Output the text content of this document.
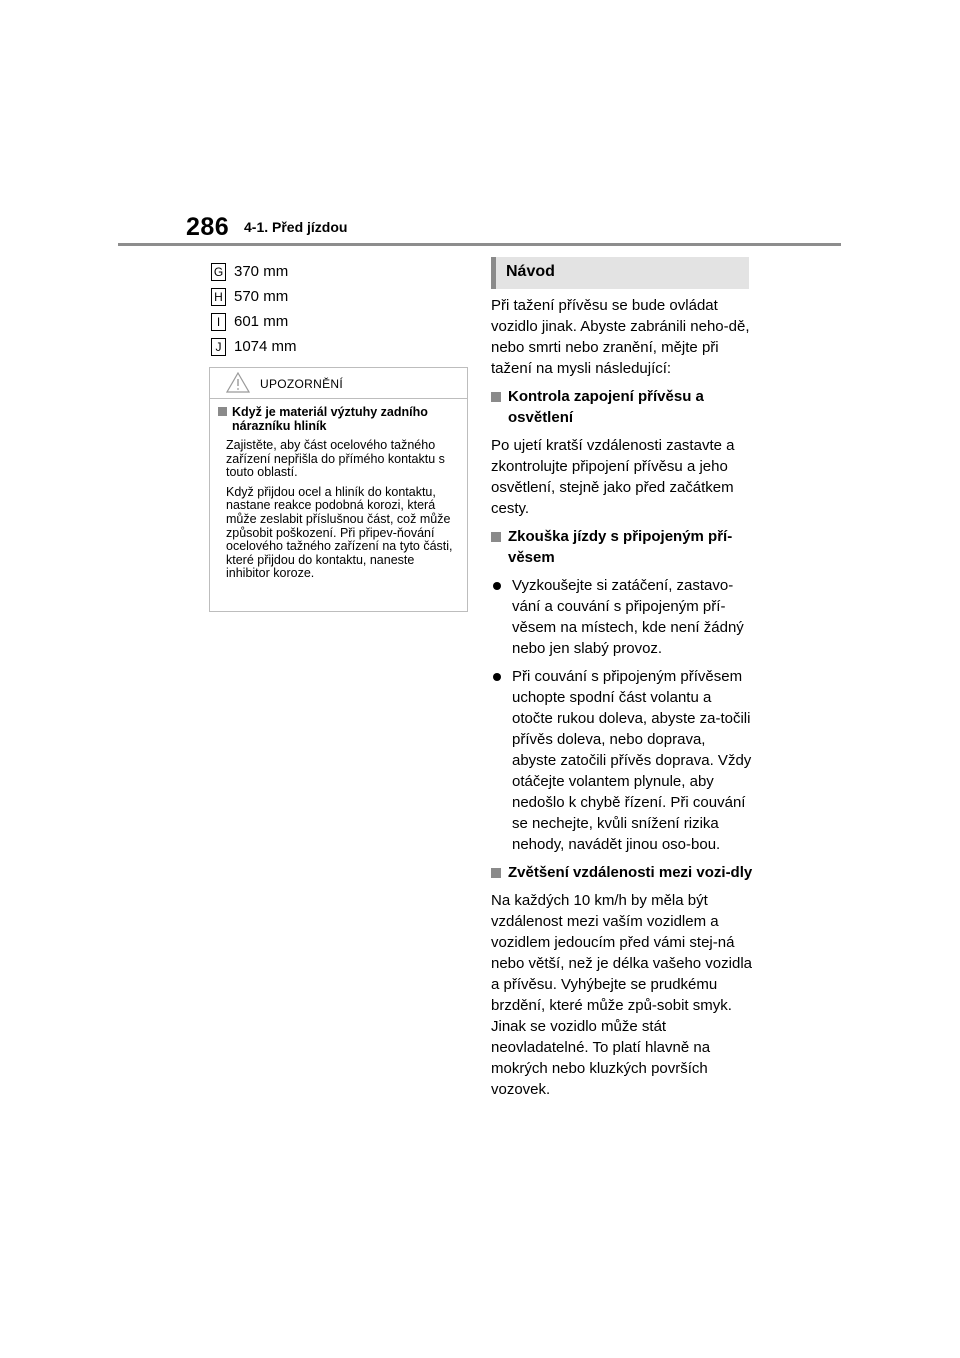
286 4-1. Před jízdou
G 370 mm
H 570 mm
I 601 mm
J 1074 mm
UPOZORNĚNÍ
Když je materiál výztuhy zadního nárazníku hliník

Zajistěte, aby část ocelového tažného zařízení nepřišla do přímého kontaktu s touto oblastí.

Když přijdou ocel a hliník do kontaktu, nastane reakce podobná korozi, která může zeslabit příslušnou část, což může způsobit poškození. Při připev-ňování ocelového tažného zařízení na tyto části, které přijdou do kontaktu, naneste inhibitor koroze.

Návod

Při tažení přívěsu se bude ovládat vozidlo jinak. Abyste zabránili neho-dě, nebo smrti nebo zranění, mějte při tažení na mysli následující:

Kontrola zapojení přívěsu a osvětlení

Po ujetí kratší vzdálenosti zastavte a zkontrolujte připojení přívěsu a jeho osvětlení, stejně jako před začátkem cesty.

Zkouška jízdy s připojeným pří-věsem
Vyzkoušejte si zatáčení, zastavo-vání a couvání s připojeným pří-věsem na místech, kde není žádný nebo jen slabý provoz.
Při couvání s připojeným přívěsem uchopte spodní část volantu a otočte rukou doleva, abyste za-točili přívěs doleva, nebo doprava, abyste zatočili přívěs doprava. Vždy otáčejte volantem plynule, aby nedošlo k chybě řízení. Při couvání se nechejte, kvůli snížení rizika nehody, navádět jinou oso-bou.
Zvětšení vzdálenosti mezi vozi-dly

Na každých 10 km/h by měla být vzdálenost mezi vaším vozidlem a vozidlem jedoucím před vámi stej-ná nebo větší, než je délka vašeho vozidla a přívěsu. Vyhýbejte se prudkému brzdění, které může způ-sobit smyk. Jinak se vozidlo může stát neovladatelné. To platí hlavně na mokrých nebo kluzkých površích vozovek.
